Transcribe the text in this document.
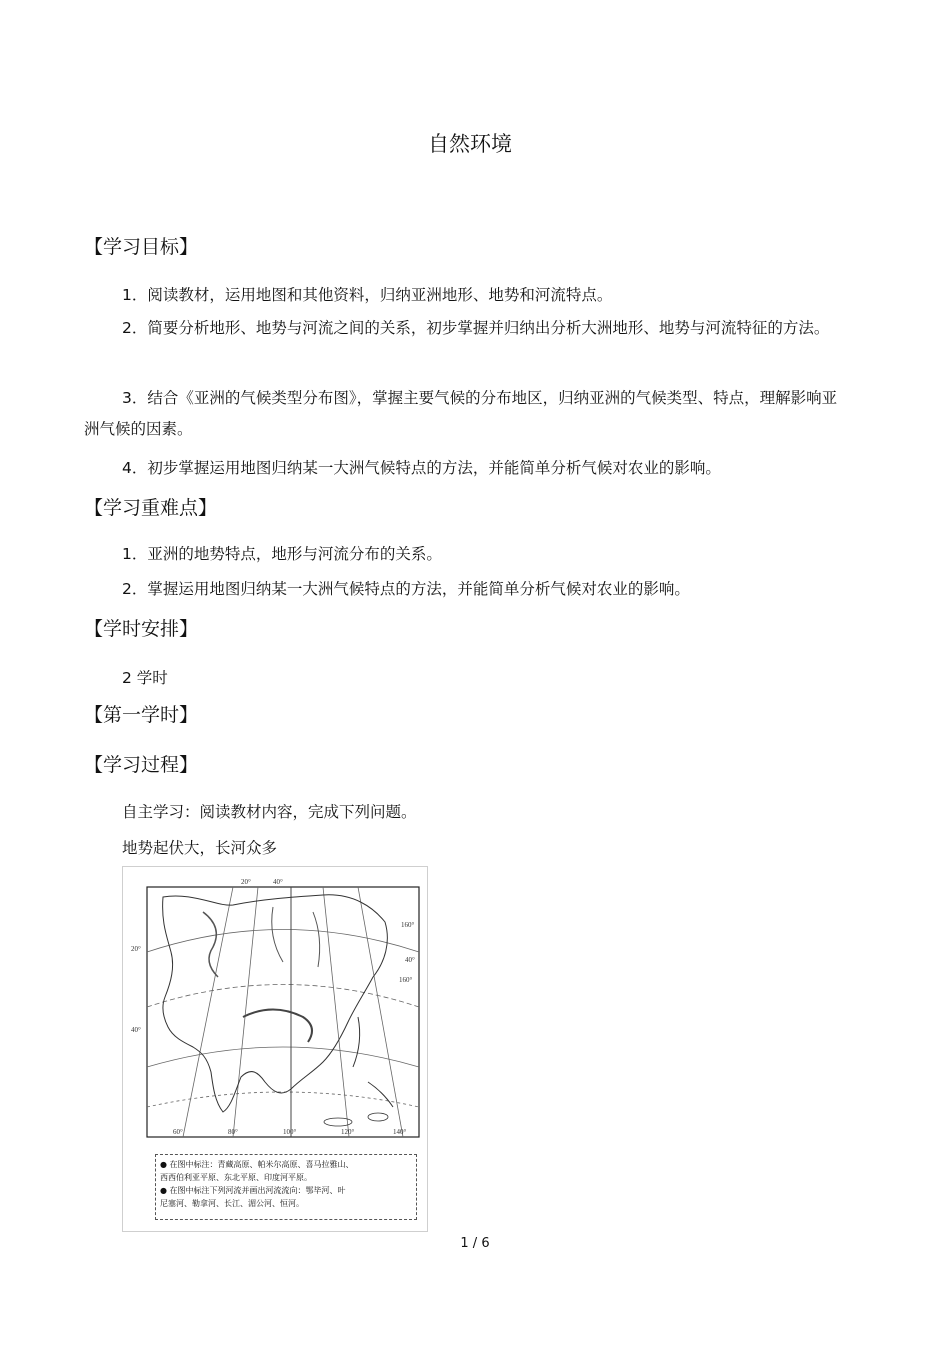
自然环境
【学习目标】
1．阅读教材，运用地图和其他资料，归纳亚洲地形、地势和河流特点。
2．简要分析地形、地势与河流之间的关系，初步掌握并归纳出分析大洲地形、地势与河流特征的方法。
3．结合《亚洲的气候类型分布图》，掌握主要气候的分布地区，归纳亚洲的气候类型、特点，理解影响亚洲气候的因素。
4．初步掌握运用地图归纳某一大洲气候特点的方法，并能简单分析气候对农业的影响。
【学习重难点】
1．亚洲的地势特点，地形与河流分布的关系。
2．掌握运用地图归纳某一大洲气候特点的方法，并能简单分析气候对农业的影响。
【学时安排】
2 学时
【第一学时】
【学习过程】
自主学习：阅读教材内容，完成下列问题。
地势起伏大，长河众多
20°	40°
20°
40°
160°
40°
160°
60°	80°	100°	120°	140°
● 在图中标注：青藏高原、帕米尔高原、喜马拉雅山、
西西伯利亚平原、东北平原、印度河平原。
● 在图中标注下列河流并画出河流流向：鄂毕河、叶
尼塞河、勒拿河、长江、湄公河、恒河。
1 / 6
